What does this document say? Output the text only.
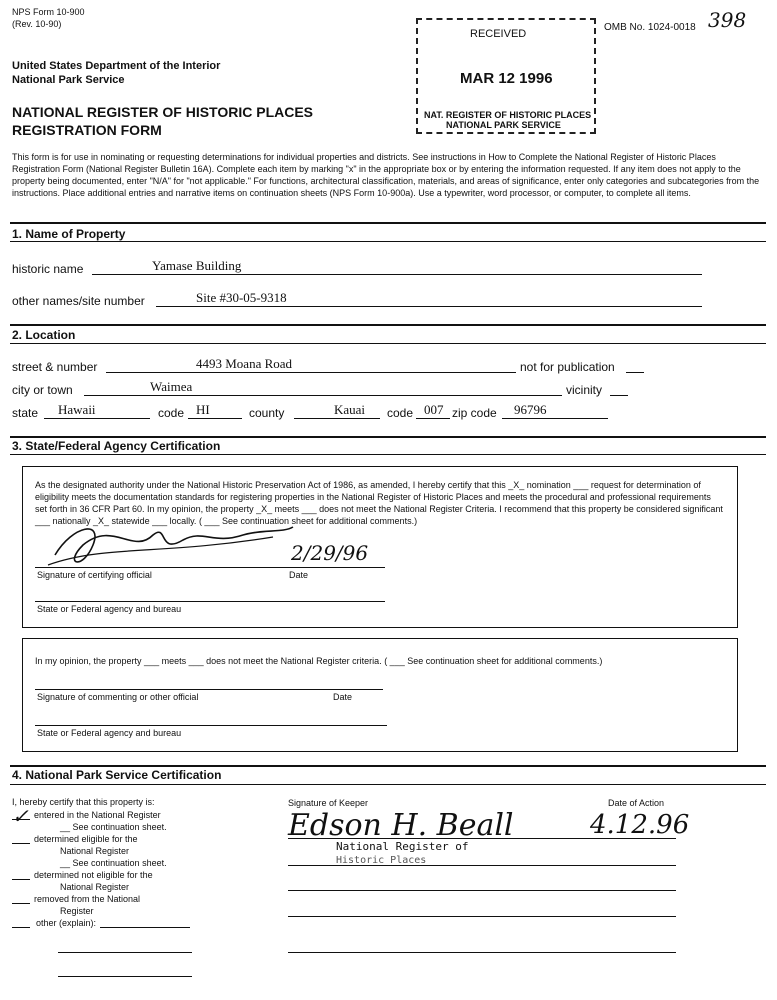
NPS Form 10-900
(Rev. 10-90)
United States Department of the Interior
National Park Service
NATIONAL REGISTER OF HISTORIC PLACES
REGISTRATION FORM
OMB No. 1024-0018 398
RECEIVED
MAR 12 1996
NAT. REGISTER OF HISTORIC PLACES
NATIONAL PARK SERVICE
This form is for use in nominating or requesting determinations for individual properties and districts. See instructions in How to Complete the National Register of Historic Places Registration Form (National Register Bulletin 16A). Complete each item by marking "x" in the appropriate box or by entering the information requested. If any item does not apply to the property being documented, enter "N/A" for "not applicable." For functions, architectural classification, materials, and areas of significance, enter only categories and subcategories from the instructions. Place additional entries and narrative items on continuation sheets (NPS Form 10-900a). Use a typewriter, word processor, or computer, to complete all items.
1. Name of Property
historic name	Yamase Building
other names/site number	Site #30-05-9318
2. Location
street & number	4493 Moana Road	not for publication
city or town	Waimea	vicinity
state Hawaii	code HI	county	Kauai code 007 zip code 96796
3. State/Federal Agency Certification
As the designated authority under the National Historic Preservation Act of 1986, as amended, I hereby certify that this _X_ nomination ___ request for determination of eligibility meets the documentation standards for registering properties in the National Register of Historic Places and meets the procedural and professional requirements set forth in 36 CFR Part 60. In my opinion, the property _X_ meets ___ does not meet the National Register Criteria. I recommend that this property be considered significant ___ nationally _X_ statewide ___ locally. ( ___ See continuation sheet for additional comments.)
2/29/96
Signature of certifying official	Date
State or Federal agency and bureau
In my opinion, the property ___ meets ___ does not meet the National Register criteria. ( ___ See continuation sheet for additional comments.)
Signature of commenting or other official	Date
State or Federal agency and bureau
4. National Park Service Certification
I, hereby certify that this property is:
✓ entered in the National Register
__ See continuation sheet.
determined eligible for the
National Register
__ See continuation sheet.
determined not eligible for the
National Register
removed from the National
Register
other (explain):
Signature of Keeper	Date of Action
Edson H. Beall	4.12.96
National Register of
Historic Places
